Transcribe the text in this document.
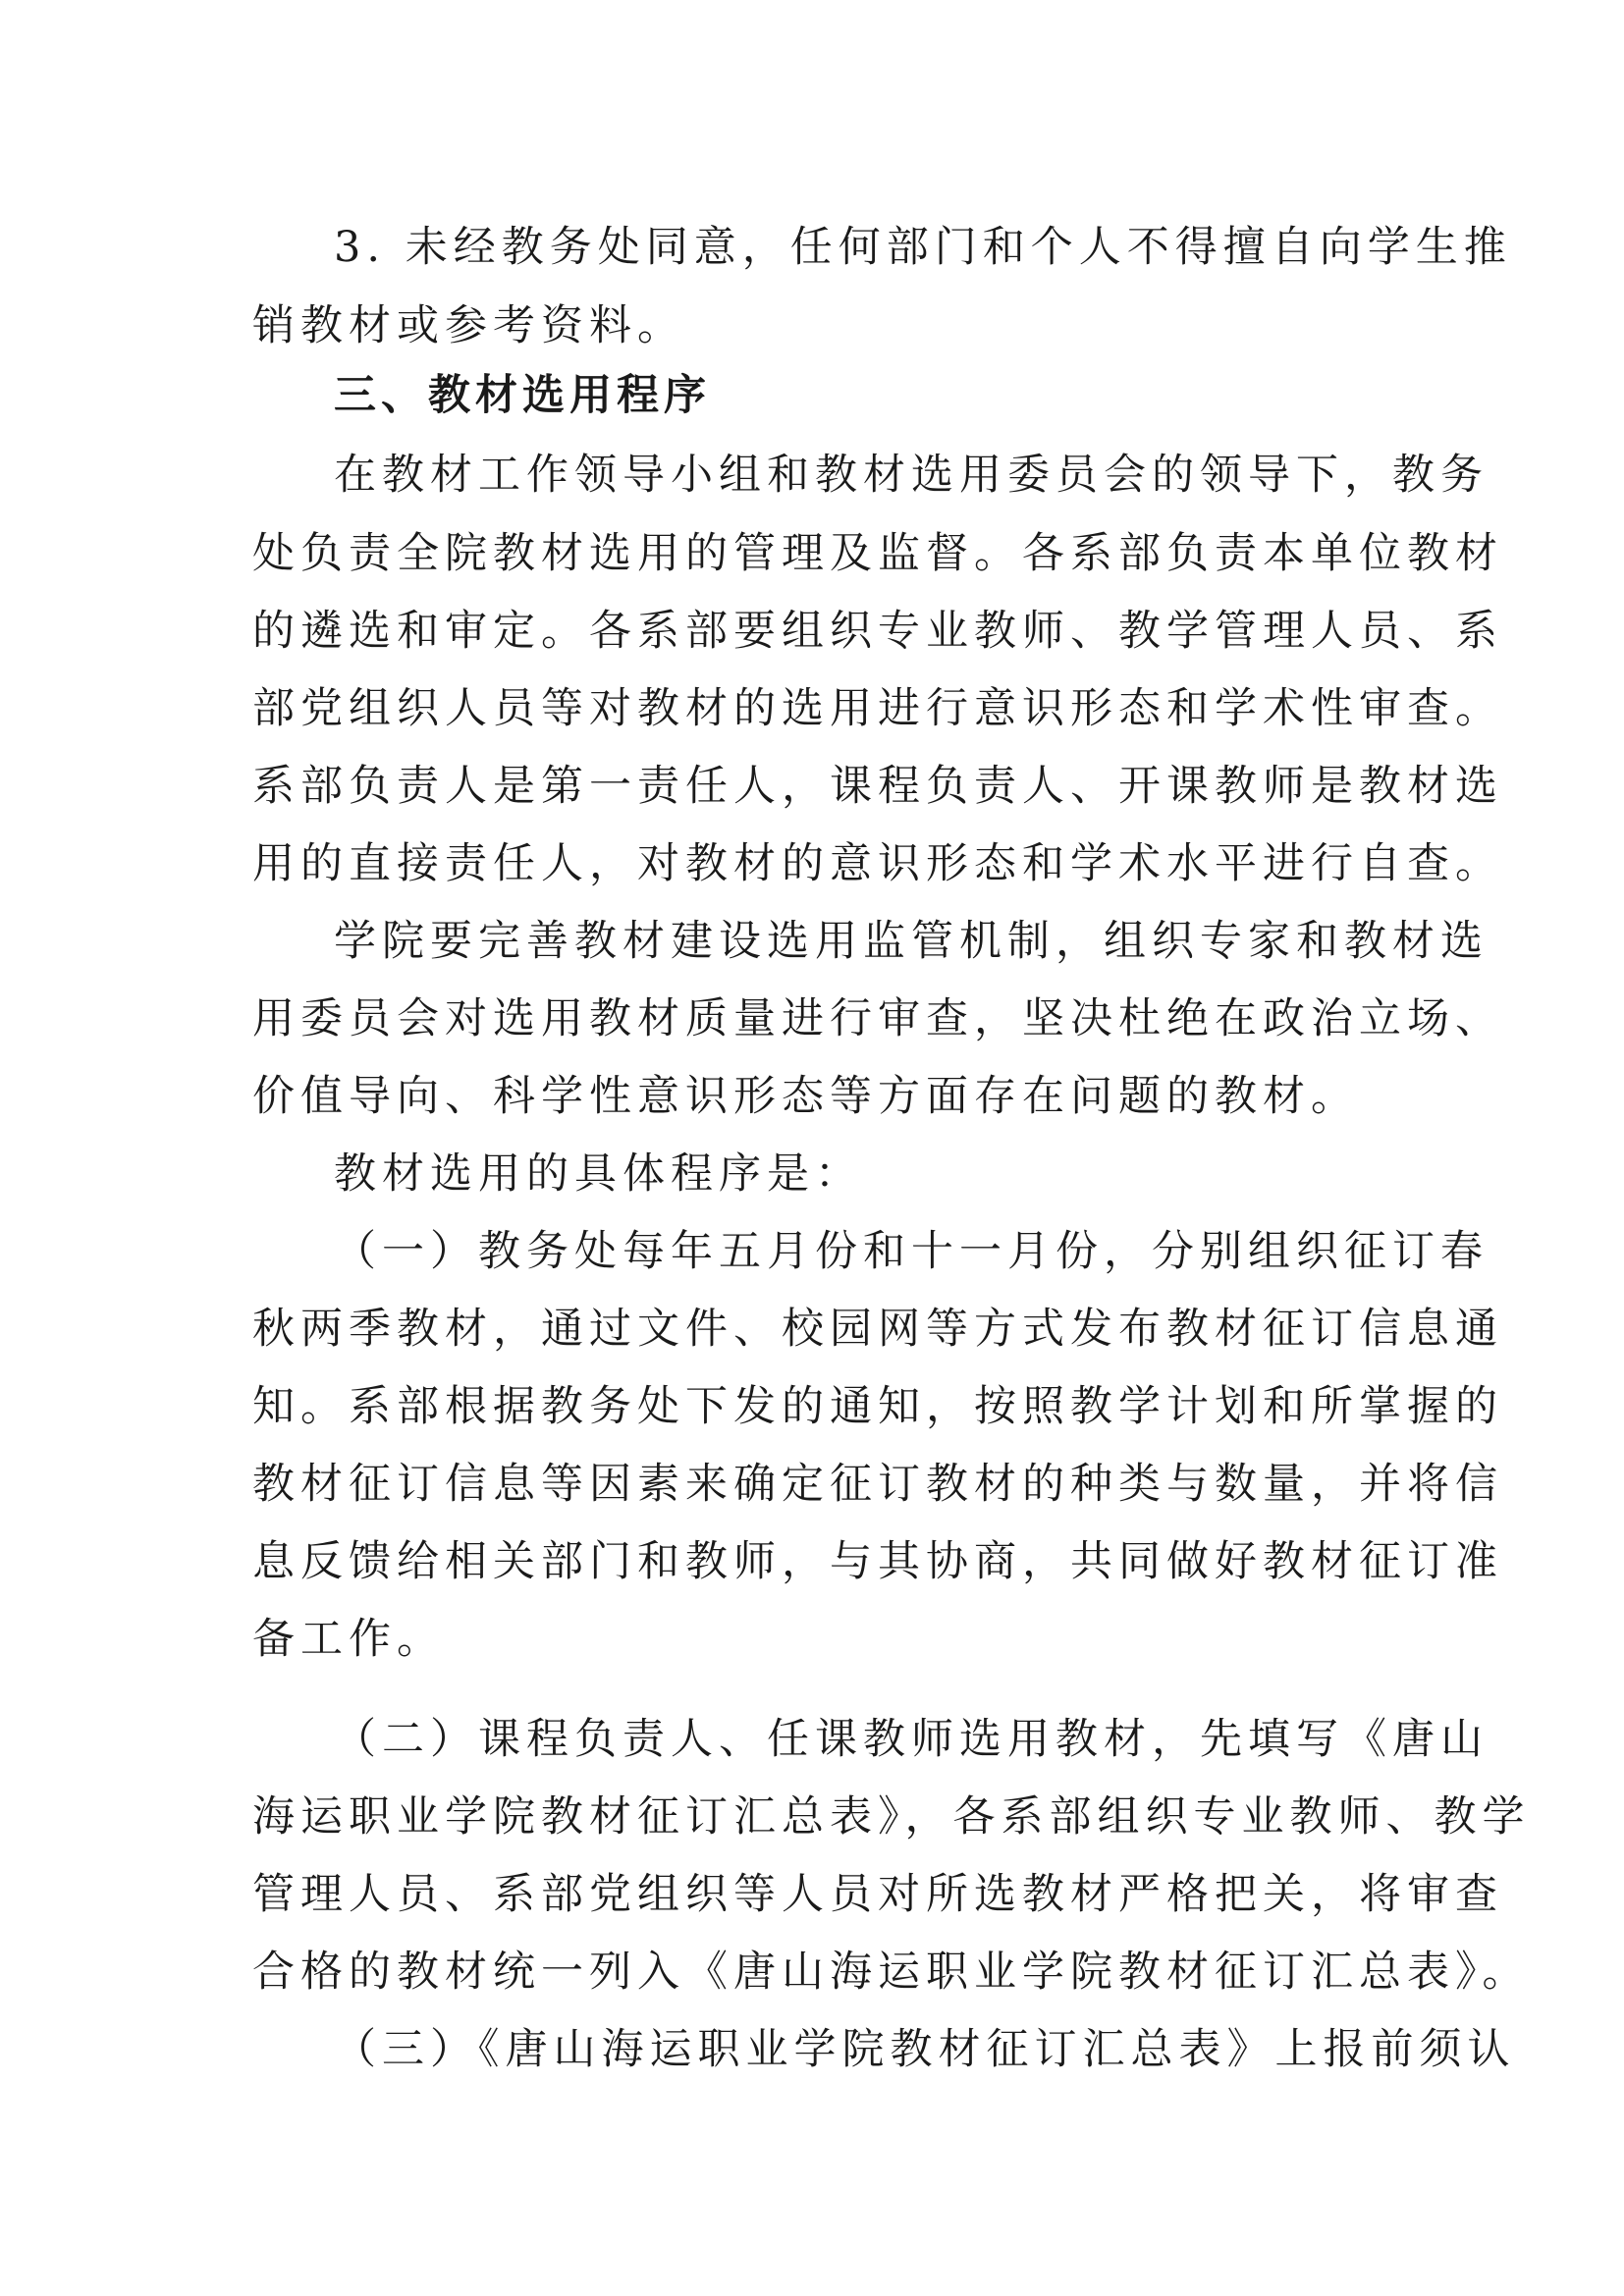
3. 未经教务处同意，任何部门和个人不得擅自向学生推

销教材或参考资料。

三、教材选用程序

在教材工作领导小组和教材选用委员会的领导下，教务

处负责全院教材选用的管理及监督。各系部负责本单位教材

的遴选和审定。各系部要组织专业教师、教学管理人员、系

部党组织人员等对教材的选用进行意识形态和学术性审查。

系部负责人是第一责任人，课程负责人、开课教师是教材选

用的直接责任人，对教材的意识形态和学术水平进行自查。

学院要完善教材建设选用监管机制，组织专家和教材选

用委员会对选用教材质量进行审查，坚决杜绝在政治立场、

价值导向、科学性意识形态等方面存在问题的教材。

教材选用的具体程序是：

（一）教务处每年五月份和十一月份，分别组织征订春

秋两季教材，通过文件、校园网等方式发布教材征订信息通

知。系部根据教务处下发的通知，按照教学计划和所掌握的

教材征订信息等因素来确定征订教材的种类与数量，并将信

息反馈给相关部门和教师，与其协商，共同做好教材征订准

备工作。

（二）课程负责人、任课教师选用教材，先填写《唐山

海运职业学院教材征订汇总表》，各系部组织专业教师、教学

管理人员、系部党组织等人员对所选教材严格把关，将审查

合格的教材统一列入《唐山海运职业学院教材征订汇总表》。

（三）《唐山海运职业学院教材征订汇总表》上报前须认
